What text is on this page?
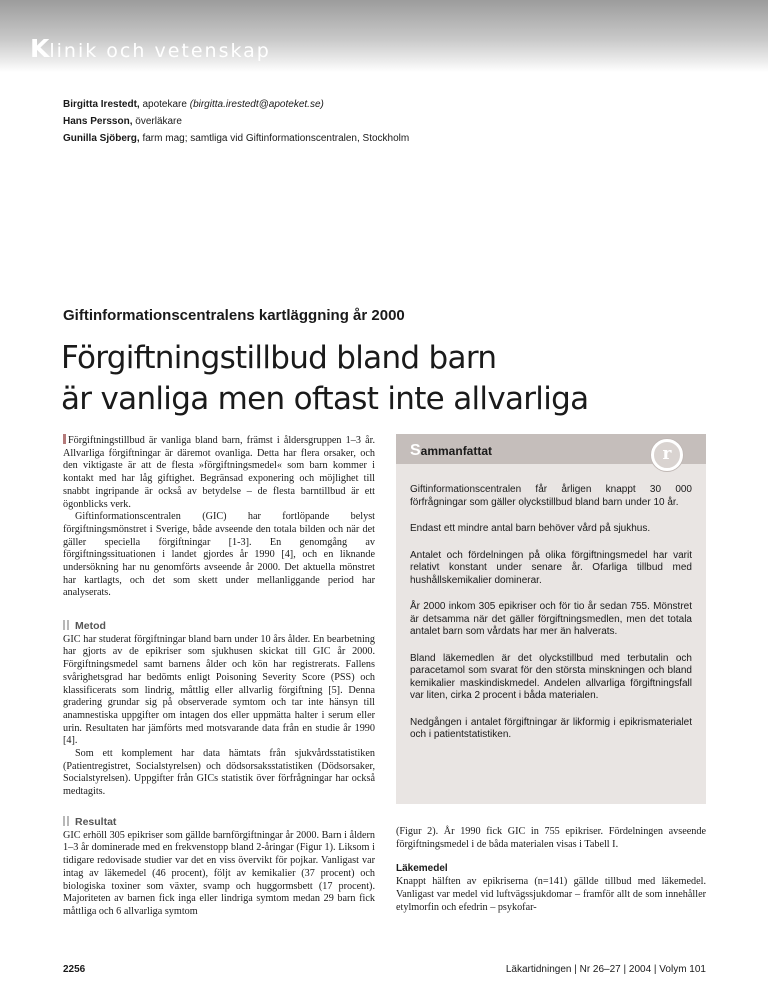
Klinik och vetenskap
Birgitta Irestedt, apotekare (birgitta.irestedt@apoteket.se)
Hans Persson, överläkare
Gunilla Sjöberg, farm mag; samtliga vid Giftinformationscentralen, Stockholm
Giftinformationscentralens kartläggning år 2000
Förgiftningstillbud bland barn
är vanliga men oftast inte allvarliga

Förgiftningstillbud är vanliga bland barn, främst i åldersgruppen 1–3 år. Allvarliga förgiftningar är däremot ovanliga. Detta har flera orsaker, och den viktigaste är att de flesta »förgiftningsmedel« som barn kommer i kontakt med har låg giftighet. Begränsad exponering och möjlighet till snabbt ingripande är också av betydelse – de flesta barntillbud är ett ögonblicks verk.

Giftinformationscentralen (GIC) har fortlöpande belyst förgiftningsmönstret i Sverige, både avseende den totala bilden och när det gäller speciella förgiftningar [1-3]. En genomgång av förgiftningssituationen i landet gjordes år 1990 [4], och en liknande undersökning har nu genomförts avseende år 2000. Det aktuella mönstret har kartlagts, och det som skett under mellanliggande period har analyserats.

Metod

GIC har studerat förgiftningar bland barn under 10 års ålder. En bearbetning har gjorts av de epikriser som sjukhusen skickat till GIC år 2000. Förgiftningsmedel samt barnens ålder och kön har registrerats. Fallens svårighetsgrad har bedömts enligt Poisoning Severity Score (PSS) och klassificerats som lindrig, måttlig eller allvarlig förgiftning [5]. Denna gradering grundar sig på observerade symtom och tar inte hänsyn till anamnestiska uppgifter om intagen dos eller uppmätta halter i serum eller urin. Resultaten har jämförts med motsvarande data från en studie år 1990 [4].

Som ett komplement har data hämtats från sjukvårdsstatistiken (Patientregistret, Socialstyrelsen) och dödsorsaksstatistiken (Dödsorsaker, Socialstyrelsen). Uppgifter från GICs statistik över förfrågningar har också medtagits.

Resultat

GIC erhöll 305 epikriser som gällde barnförgiftningar år 2000. Barn i åldern 1–3 år dominerade med en frekvenstopp bland 2-åringar (Figur 1). Liksom i tidigare redovisade studier var det en viss övervikt för pojkar. Vanligast var intag av läkemedel (46 procent), följt av kemikalier (37 procent) och biologiska toxiner som växter, svamp och huggormsbett (17 procent). Majoriteten av barnen fick inga eller lindriga symtom medan 29 barn fick måttliga och 6 allvarliga symtom

Sammanfattat	r

Giftinformationscentralen får årligen knappt 30 000 förfrågningar som gäller olyckstillbud bland barn under 10 år.

Endast ett mindre antal barn behöver vård på sjukhus.

Antalet och fördelningen på olika förgiftningsmedel har varit relativt konstant under senare år. Ofarliga tillbud med hushållskemikalier dominerar.

År 2000 inkom 305 epikriser och för tio år sedan 755. Mönstret är detsamma när det gäller förgiftningsmedlen, men det totala antalet barn som vårdats har mer än halverats.

Bland läkemedlen är det olyckstillbud med terbutalin och paracetamol som svarat för den största minskningen och bland kemikalier maskindiskmedel. Andelen allvarliga förgiftningsfall var liten, cirka 2 procent i båda materialen.

Nedgången i antalet förgiftningar är likformig i epikrismaterialet och i patientstatistiken.

(Figur 2). År 1990 fick GIC in 755 epikriser. Fördelningen avseende förgiftningsmedel i de båda materialen visas i Tabell I.

Läkemedel

Knappt hälften av epikriserna (n=141) gällde tillbud med läkemedel. Vanligast var medel vid luftvägssjukdomar – framför allt de som innehåller etylmorfin och efedrin – psykofar-

2256	Läkartidningen | Nr 26–27 | 2004 | Volym 101
